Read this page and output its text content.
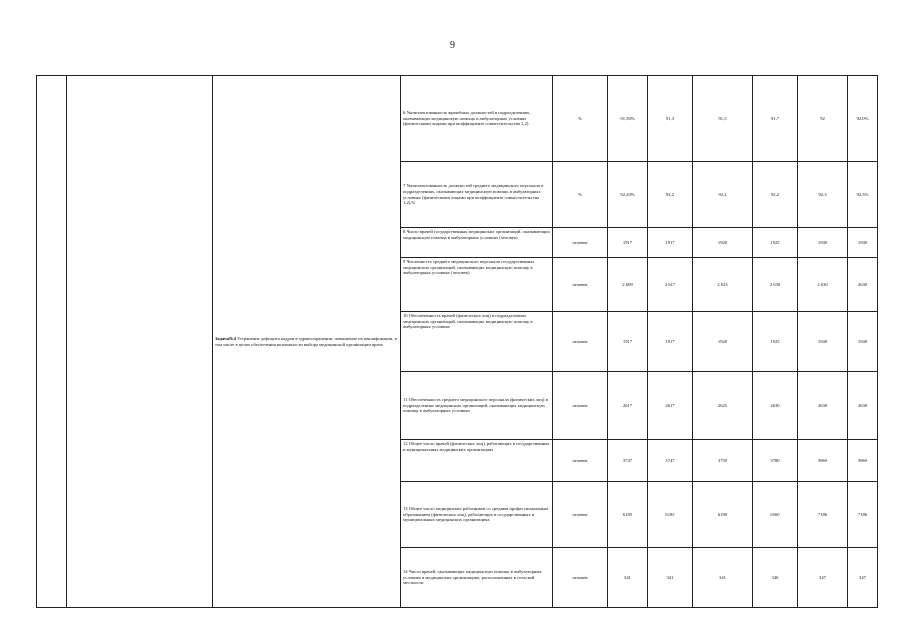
9
		Задача№4 Устранение дефицита кадров в здравоохранении, повышение их квалификации, в том числе в целях обеспечения возможности выбора медицинской организации врача	6 Укомплектованность врачебных должностей в подразделениях, оказывающих медицинскую помощь в амбулаторных условиях (физическими лицами при коэффициенте совместительства 1,2)	%	91,30%	91,3	91,5	91,7	92	92,0%
			7 Укомплектованность должностей среднего медицинского персонала в подразделениях, оказывающих медицинскую помощь в амбулаторных условиях (физическими лицами при коэффициенте совместительства 1,2),%	%	92,20%	92,2	92,2	92,2	92,3	92,3%
			8 Число врачей государственных медицинских организаций, оказывающих медицинскую помощь в амбулаторных условиях (человек)	человек	1917	1917	1920	1925	1940	1940
			9 Численность среднего медицинского персонала государственных медицинских организаций, оказывающих медицинскую помощь в амбулаторных условиях (человек)	человек	2 609	2 617	2 625	2 630	2 630	2630
			10 Обеспеченность врачей (физических лиц) в подразделениях медицинских организаций, оказывающих медицинскую помощь в амбулаторных условиях	человек	1917	1917	1920	1925	1940	1940
			11 Обеспеченность среднего медицинского персонала (физических лиц) в подразделениях медицинских организаций, оказывающих медицинскую помощь в амбулаторных условиях	человек	2617	2617	2625	2630	2630	2630
			12 Общее число врачей (физических лиц), работающих в государственных и муниципальных медицинских организациях	человек	3747	3747	3750	3780	3869	3869
			13 Общее число медицинских работников со средним профессиональным образованием (физических лиц), работающих в государственных и муниципальных медицинских организациях	человек	6185	6185	6190	6500	7186	7186
			14 Число врачей, оказывающих медицинскую помощь в амбулаторных условиях в медицинских организациях, расположенных в сельской местности	человек	341	341	341	346	347	347
